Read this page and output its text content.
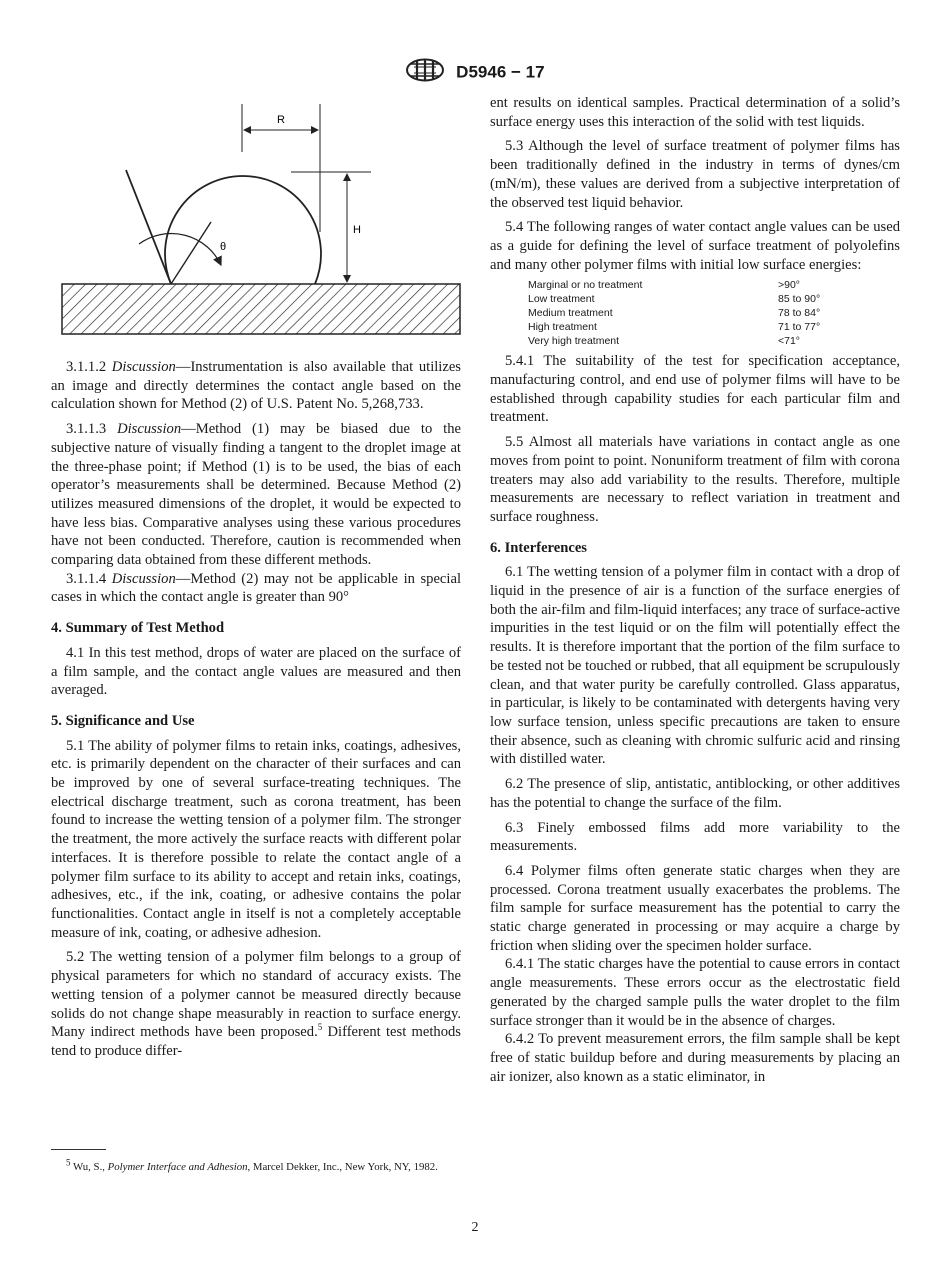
D5946 − 17
R
H
θ

3.1.1.2 Discussion—Instrumentation is also available that utilizes an image and directly determines the contact angle based on the calculation shown for Method (2) of U.S. Patent No. 5,268,733.

3.1.1.3 Discussion—Method (1) may be biased due to the subjective nature of visually finding a tangent to the droplet image at the three-phase point; if Method (1) is to be used, the bias of each operator’s measurements shall be determined. Because Method (2) utilizes measured dimensions of the droplet, it would be expected to have less bias. Comparative analyses using these various procedures have not been conducted. Therefore, caution is recommended when comparing data obtained from these different methods.

3.1.1.4 Discussion—Method (2) may not be applicable in special cases in which the contact angle is greater than 90°

4. Summary of Test Method

4.1 In this test method, drops of water are placed on the surface of a film sample, and the contact angle values are measured and then averaged.

5. Significance and Use

5.1 The ability of polymer films to retain inks, coatings, adhesives, etc. is primarily dependent on the character of their surfaces and can be improved by one of several surface-treating techniques. The electrical discharge treatment, such as corona treatment, has been found to increase the wetting tension of a polymer film. The stronger the treatment, the more actively the surface reacts with different polar interfaces. It is therefore possible to relate the contact angle of a polymer film surface to its ability to accept and retain inks, coatings, adhesives, etc., if the ink, coating, or adhesive contains the polar functionalities. Contact angle in itself is not a completely acceptable measure of ink, coating, or adhesive adhesion.

5.2 The wetting tension of a polymer film belongs to a group of physical parameters for which no standard of accuracy exists. The wetting tension of a polymer cannot be measured directly because solids do not change shape measurably in reaction to surface energy. Many indirect methods have been proposed.$^5$ Different test methods tend to produce differ-

$^5$ Wu, S., Polymer Interface and Adhesion, Marcel Dekker, Inc., New York, NY, 1982.

ent results on identical samples. Practical determination of a solid’s surface energy uses this interaction of the solid with test liquids.

5.3 Although the level of surface treatment of polymer films has been traditionally defined in the industry in terms of dynes/cm (mN/m), these values are derived from a subjective interpretation of the observed test liquid behavior.

5.4 The following ranges of water contact angle values can be used as a guide for defining the level of surface treatment of polyolefins and many other polymer films with initial low surface energies:

Marginal or no treatment	>90°
Low treatment	85 to 90°
Medium treatment	78 to 84°
High treatment	71 to 77°
Very high treatment	<71°

5.4.1 The suitability of the test for specification acceptance, manufacturing control, and end use of polymer films will have to be established through capability studies for each particular film and treatment.

5.5 Almost all materials have variations in contact angle as one moves from point to point. Nonuniform treatment of film with corona treaters may also add variability to the results. Therefore, multiple measurements are necessary to reflect variation in treatment and surface roughness.

6. Interferences

6.1 The wetting tension of a polymer film in contact with a drop of liquid in the presence of air is a function of the surface energies of both the air-film and film-liquid interfaces; any trace of surface-active impurities in the test liquid or on the film will potentially effect the results. It is therefore important that the portion of the film surface to be tested not be touched or rubbed, that all equipment be scrupulously clean, and that water purity be carefully controlled. Glass apparatus, in particular, is likely to be contaminated with detergents having very low surface tension, unless specific precautions are taken to ensure their absence, such as cleaning with chromic sulfuric acid and rinsing with distilled water.

6.2 The presence of slip, antistatic, antiblocking, or other additives has the potential to change the surface of the film.

6.3 Finely embossed films add more variability to the measurements.

6.4 Polymer films often generate static charges when they are processed. Corona treatment usually exacerbates the problems. The film sample for surface measurement has the potential to carry the static charge generated in processing or may acquire a charge by friction when sliding over the specimen holder surface.

6.4.1 The static charges have the potential to cause errors in contact angle measurements. These errors occur as the electrostatic field generated by the charged sample pulls the water droplet to the film surface stronger than it would be in the absence of charges.

6.4.2 To prevent measurement errors, the film sample shall be kept free of static buildup before and during measurements by placing an air ionizer, also known as a static eliminator, in

2
